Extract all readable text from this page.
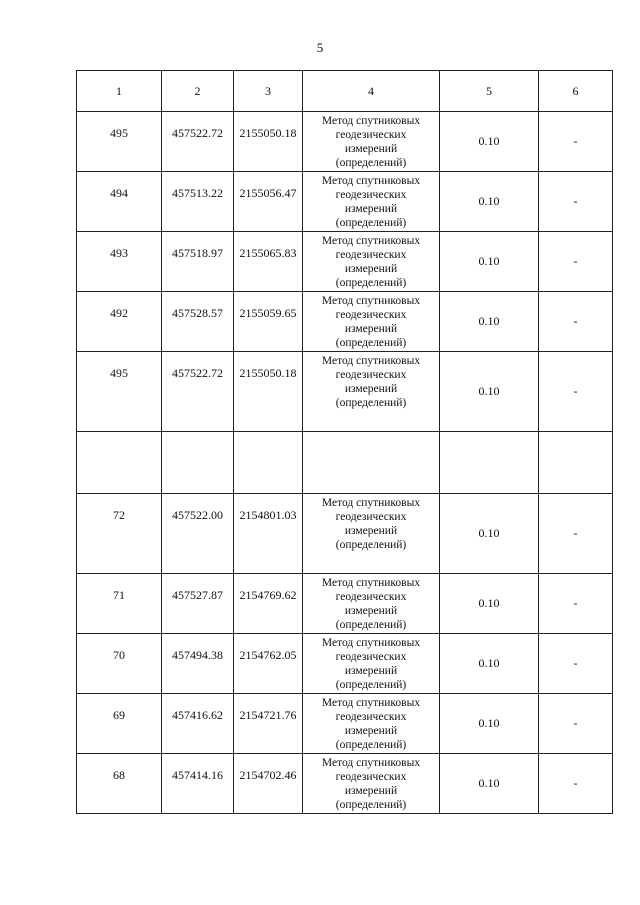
5
1	2	3	4	5	6
495	457522.72	2155050.18	Метод спутниковых
геодезических
измерений
(определений)	0.10	-
494	457513.22	2155056.47	Метод спутниковых
геодезических
измерений
(определений)	0.10	-
493	457518.97	2155065.83	Метод спутниковых
геодезических
измерений
(определений)	0.10	-
492	457528.57	2155059.65	Метод спутниковых
геодезических
измерений
(определений)	0.10	-
495	457522.72	2155050.18	Метод спутниковых
геодезических
измерений
(определений)	0.10	-

72	457522.00	2154801.03	Метод спутниковых
геодезических
измерений
(определений)	0.10	-
71	457527.87	2154769.62	Метод спутниковых
геодезических
измерений
(определений)	0.10	-
70	457494.38	2154762.05	Метод спутниковых
геодезических
измерений
(определений)	0.10	-
69	457416.62	2154721.76	Метод спутниковых
геодезических
измерений
(определений)	0.10	-
68	457414.16	2154702.46	Метод спутниковых
геодезических
измерений
(определений)	0.10	-
